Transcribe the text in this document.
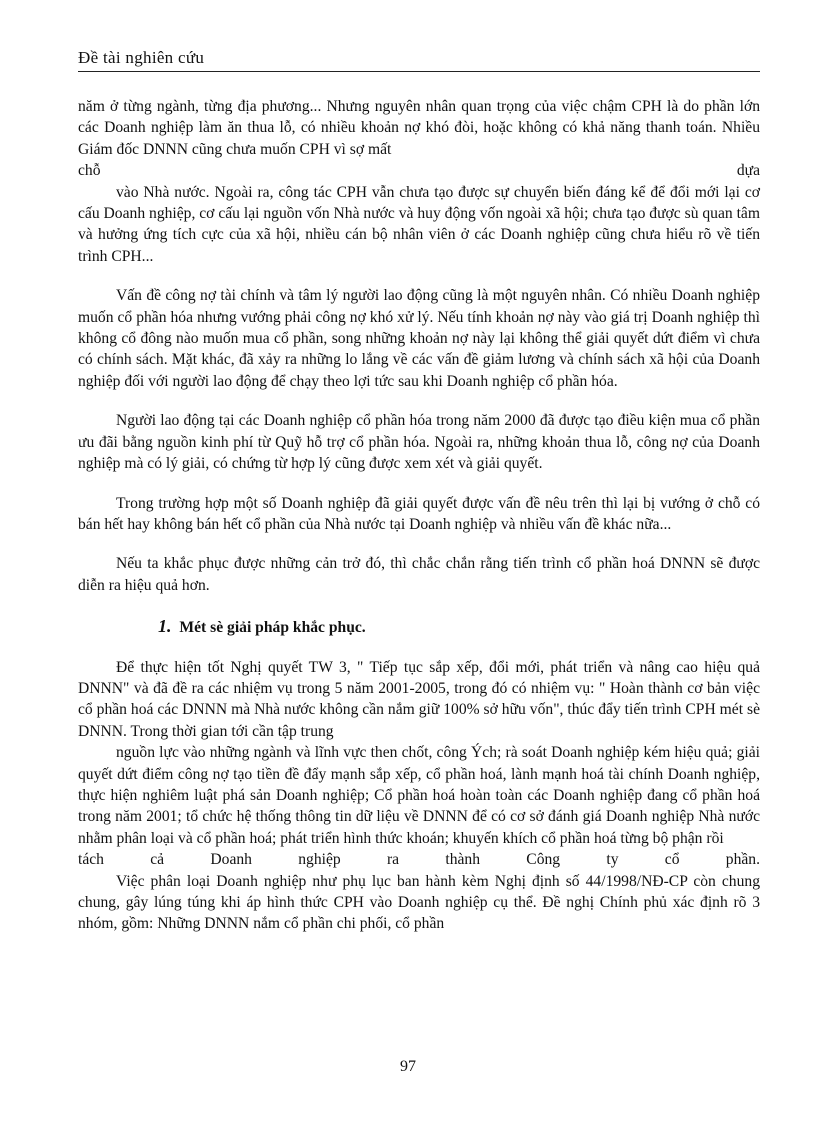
Đề tài nghiên cứu

năm ở từng ngành, từng địa phương... Nhưng nguyên nhân quan trọng của việc chậm CPH là do phần lớn các Doanh nghiệp làm ăn thua lỗ, có nhiều khoản nợ khó đòi, hoặc không có khả năng thanh toán. Nhiều Giám đốc DNNN cũng chưa muốn CPH vì sợ mất

chỗ	dựa

vào Nhà nước. Ngoài ra, công tác CPH vẫn chưa tạo được sự chuyển biến đáng kể để đổi mới lại cơ cấu Doanh nghiệp, cơ cấu lại nguồn vốn Nhà nước và huy động vốn ngoài xã hội; chưa tạo được sù quan tâm và hưởng ứng tích cực của xã hội, nhiều cán bộ nhân viên ở các Doanh nghiệp cũng chưa hiểu rõ về tiến trình CPH...

Vấn đề công nợ tài chính và tâm lý người lao động cũng là một nguyên nhân. Có nhiều Doanh nghiệp muốn cổ phần hóa nhưng vướng phải công nợ khó xử lý. Nếu tính khoản nợ này vào giá trị Doanh nghiệp thì không cổ đông nào muốn mua cổ phần, song những khoản nợ này lại không thể giải quyết dứt điểm vì chưa có chính sách. Mặt khác, đã xảy ra những lo lắng về các vấn đề giảm lương và chính sách xã hội của Doanh nghiệp đối với người lao động để chạy theo lợi tức sau khi Doanh nghiệp cổ phần hóa.

Người lao động tại các Doanh nghiệp cổ phần hóa trong năm 2000 đã được tạo điều kiện mua cổ phần ưu đãi bằng nguồn kinh phí từ Quỹ hỗ trợ cổ phần hóa. Ngoài ra, những khoản thua lỗ, công nợ của Doanh nghiệp mà có lý giải, có chứng từ hợp lý cũng được xem xét và giải quyết.

Trong trường hợp một số Doanh nghiệp đã giải quyết được vấn đề nêu trên thì lại bị vướng ở chỗ có bán hết hay không bán hết cổ phần của Nhà nước tại Doanh nghiệp và nhiều vấn đề khác nữa...

Nếu ta khắc phục được những cản trở đó, thì chắc chắn rằng tiến trình cổ phần hoá DNNN sẽ được diễn ra hiệu quả hơn.

1. Mét sè giải pháp khắc phục.

Để thực hiện tốt Nghị quyết TW 3, " Tiếp tục sắp xếp, đổi mới, phát triển và nâng cao hiệu quả DNNN" và đã đề ra các nhiệm vụ trong 5 năm 2001-2005, trong đó có nhiệm vụ: " Hoàn thành cơ bản việc cổ phần hoá các DNNN mà Nhà nước không cần nắm giữ 100% sở hữu vốn", thúc đẩy tiến trình CPH mét sè DNNN. Trong thời gian tới cần tập trung

nguồn lực vào những ngành và lĩnh vực then chốt, công Ých; rà soát Doanh nghiệp kém hiệu quả; giải quyết dứt điểm công nợ tạo tiền đề đẩy mạnh sắp xếp, cổ phần hoá, lành mạnh hoá tài chính Doanh nghiệp, thực hiện nghiêm luật phá sản Doanh nghiệp; Cổ phần hoá hoàn toàn các Doanh nghiệp đang cổ phần hoá trong năm 2001; tổ chức hệ thống thông tin dữ liệu về DNNN để có cơ sở đánh giá Doanh nghiệp Nhà nước nhằm phân loại và cổ phần hoá; phát triển hình thức khoán; khuyến khích cổ phần hoá từng bộ phận rồi

tách cả Doanh nghiệp ra thành Công ty cổ phần.

Việc phân loại Doanh nghiệp như phụ lục ban hành kèm Nghị định số 44/1998/NĐ-CP còn chung chung, gây lúng túng khi áp hình thức CPH vào Doanh nghiệp cụ thể. Đề nghị Chính phủ xác định rõ 3 nhóm, gồm: Những DNNN nắm cổ phần chi phối, cổ phần

97
